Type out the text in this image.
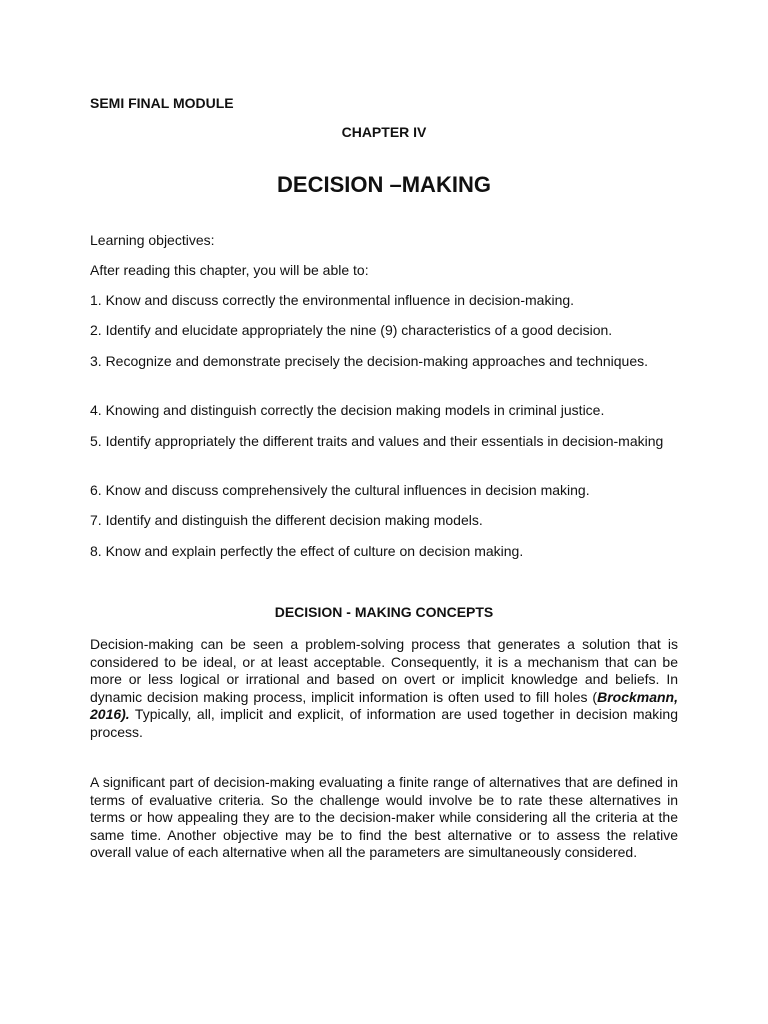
SEMI FINAL MODULE
CHAPTER IV
DECISION –MAKING
Learning objectives:
After reading this chapter, you will be able to:
1. Know and discuss correctly the environmental influence in decision-making.
2. Identify and elucidate appropriately the nine (9) characteristics of a good decision.
3. Recognize and demonstrate precisely the decision-making approaches and techniques.
4. Knowing and distinguish correctly the decision making models in criminal justice.
5. Identify appropriately the different traits and values and their essentials in decision-making
6. Know and discuss comprehensively the cultural influences in decision making.
7. Identify and distinguish the different decision making models.
8. Know and explain perfectly the effect of culture on decision making.
DECISION - MAKING CONCEPTS
Decision-making can be seen a problem-solving process that generates a solution that is considered to be ideal, or at least acceptable. Consequently, it is a mechanism that can be more or less logical or irrational and based on overt or implicit knowledge and beliefs. In dynamic decision making process, implicit information is often used to fill holes (Brockmann, 2016). Typically, all, implicit and explicit, of information are used together in decision making process.
A significant part of decision-making evaluating a finite range of alternatives that are defined in terms of evaluative criteria. So the challenge would involve be to rate these alternatives in terms or how appealing they are to the decision-maker while considering all the criteria at the same time. Another objective may be to find the best alternative or to assess the relative overall value of each alternative when all the parameters are simultaneously considered.
